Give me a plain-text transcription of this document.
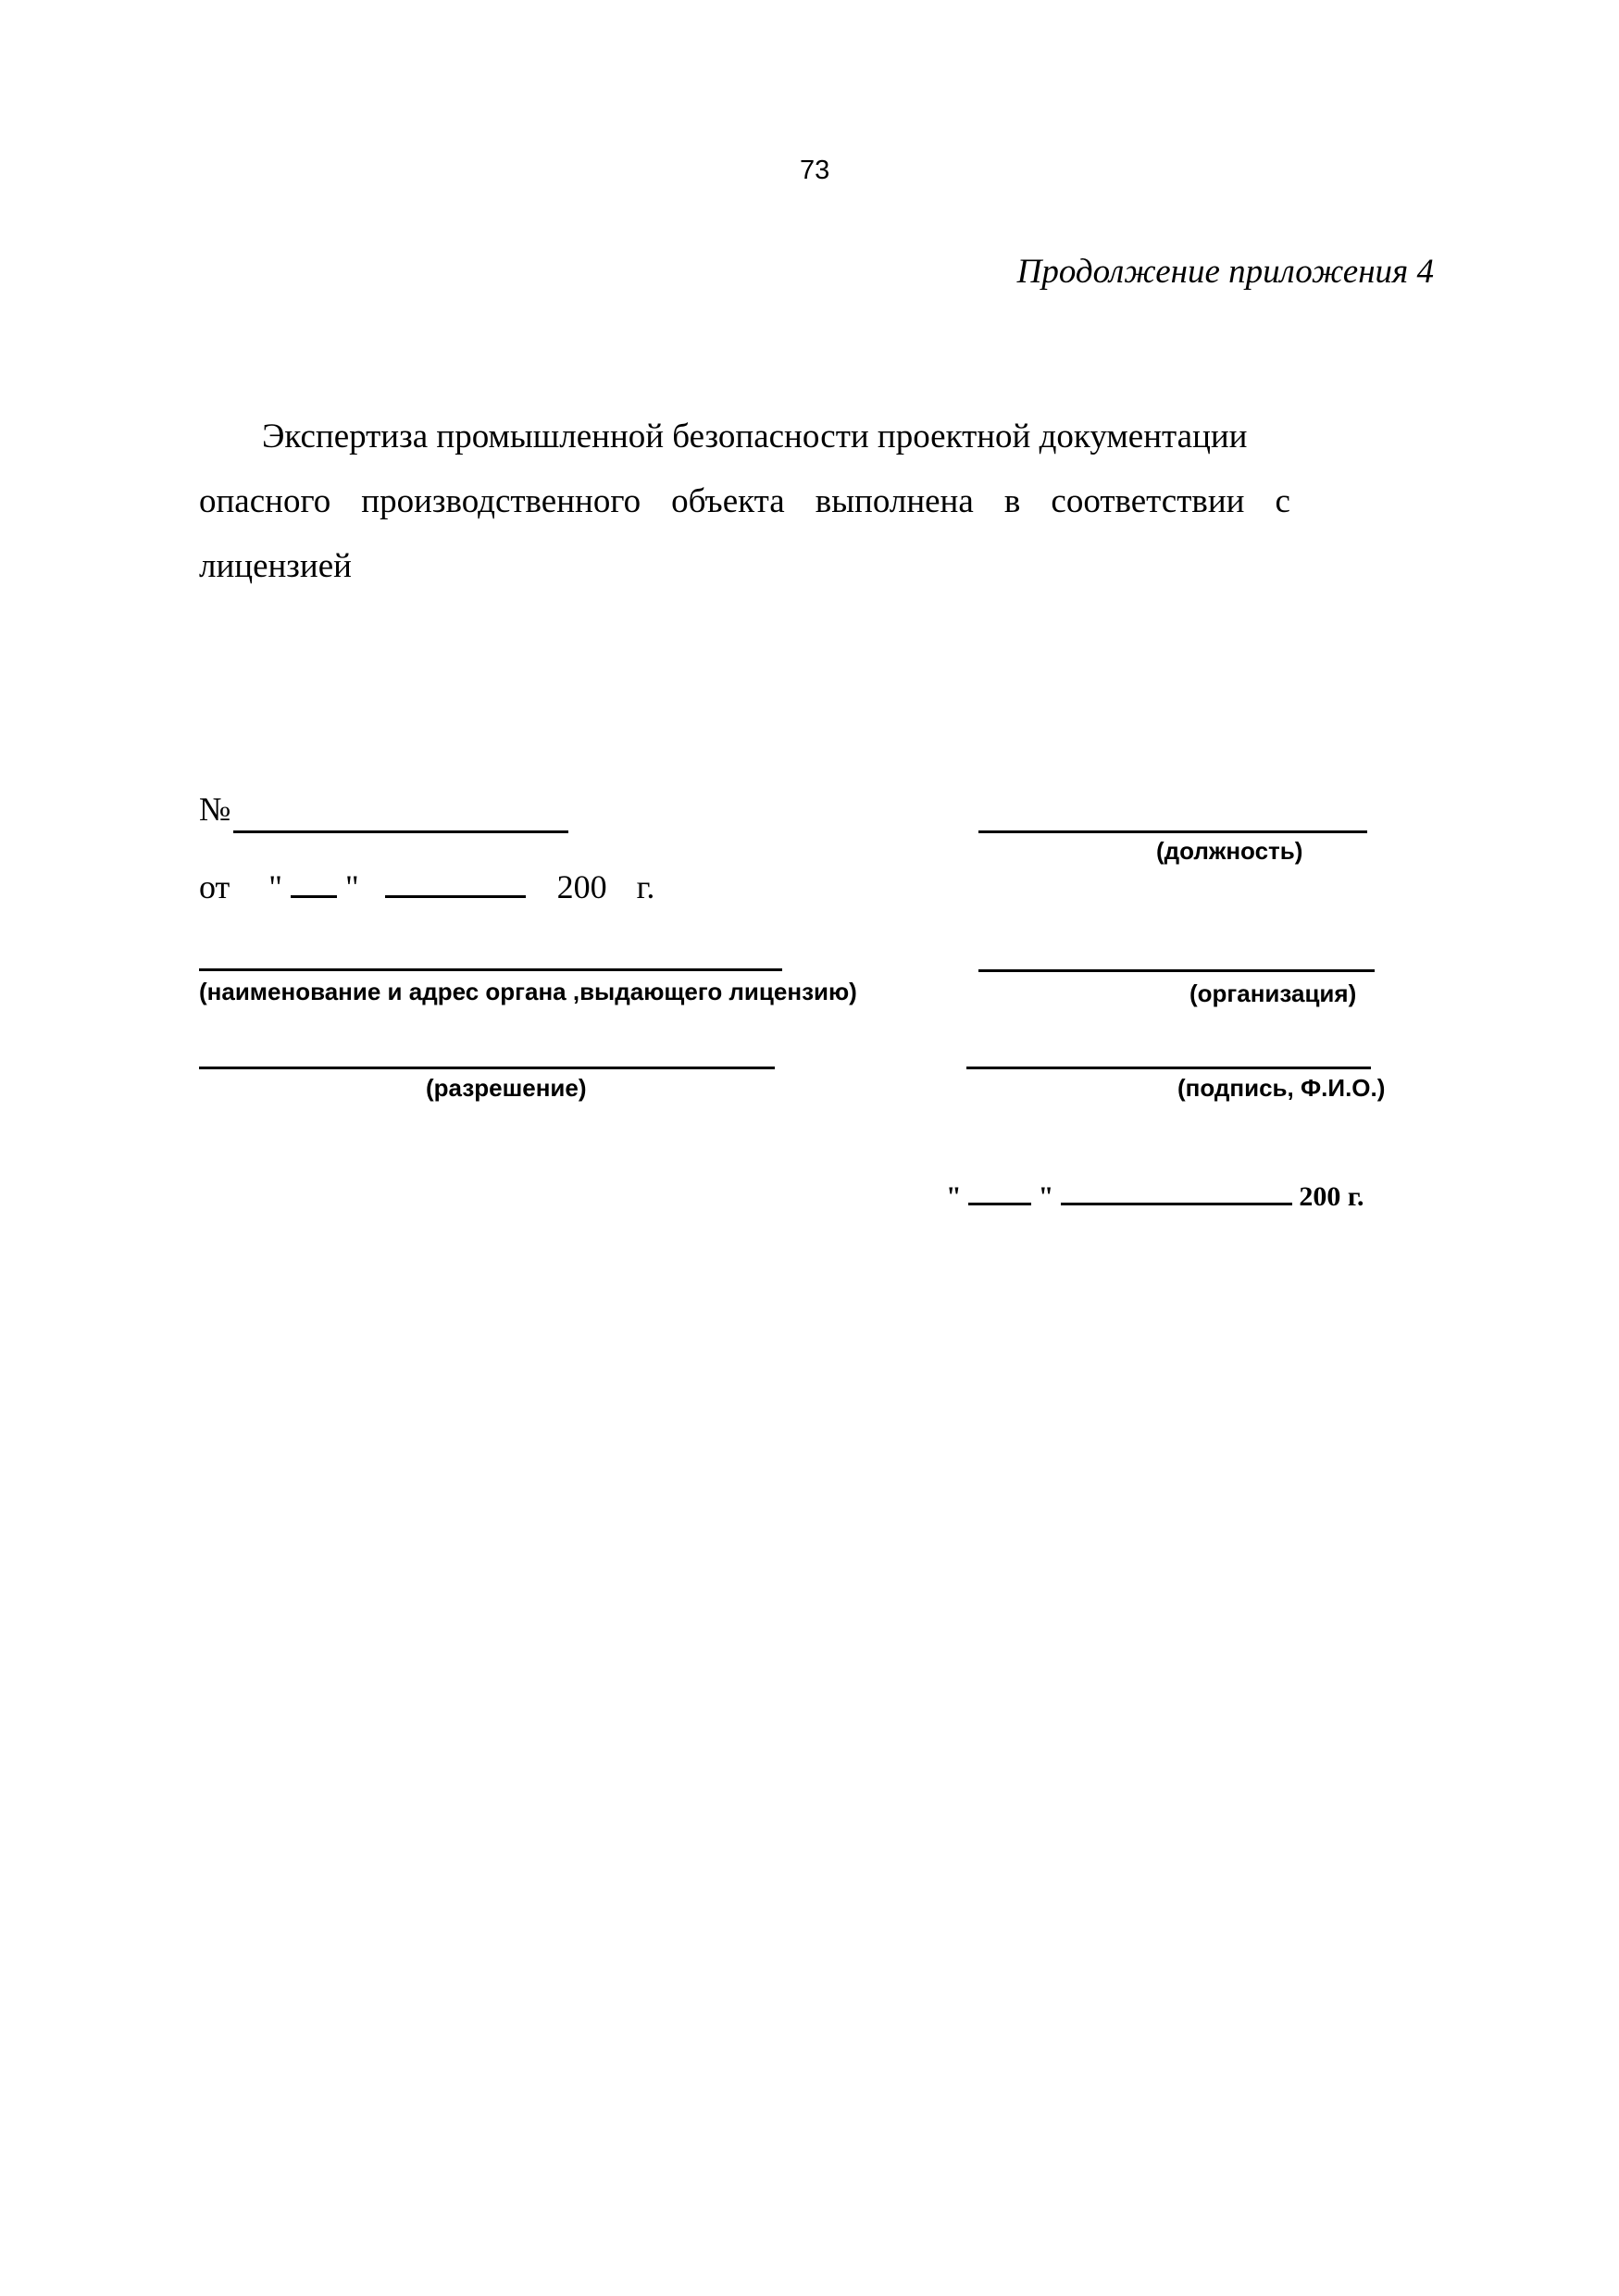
73
Продолжение приложения 4
Экспертиза промышленной безопасности проектной документации
опасного производственного объекта выполнена в соответствии с
лицензией
№
от " "	200 г.
(должность)
(наименование и адрес органа ,выдающего лицензию)	(организация)
(разрешение)	(подпись, Ф.И.О.)
"	"	200 г.
